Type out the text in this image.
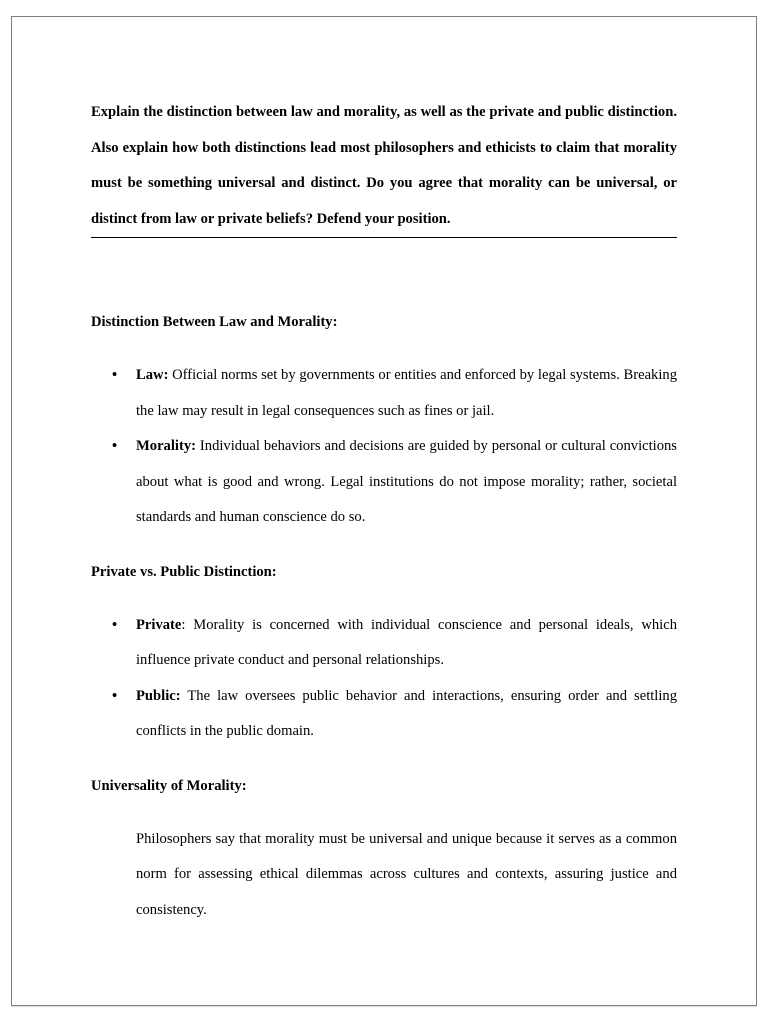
Explain the distinction between law and morality, as well as the private and public distinction. Also explain how both distinctions lead most philosophers and ethicists to claim that morality must be something universal and distinct. Do you agree that morality can be universal, or distinct from law or private beliefs? Defend your position.

Distinction Between Law and Morality:

• Law: Official norms set by governments or entities and enforced by legal systems. Breaking the law may result in legal consequences such as fines or jail.
• Morality: Individual behaviors and decisions are guided by personal or cultural convictions about what is good and wrong. Legal institutions do not impose morality; rather, societal standards and human conscience do so.

Private vs. Public Distinction:

• Private: Morality is concerned with individual conscience and personal ideals, which influence private conduct and personal relationships.
• Public: The law oversees public behavior and interactions, ensuring order and settling conflicts in the public domain.

Universality of Morality:

Philosophers say that morality must be universal and unique because it serves as a common norm for assessing ethical dilemmas across cultures and contexts, assuring justice and consistency.
